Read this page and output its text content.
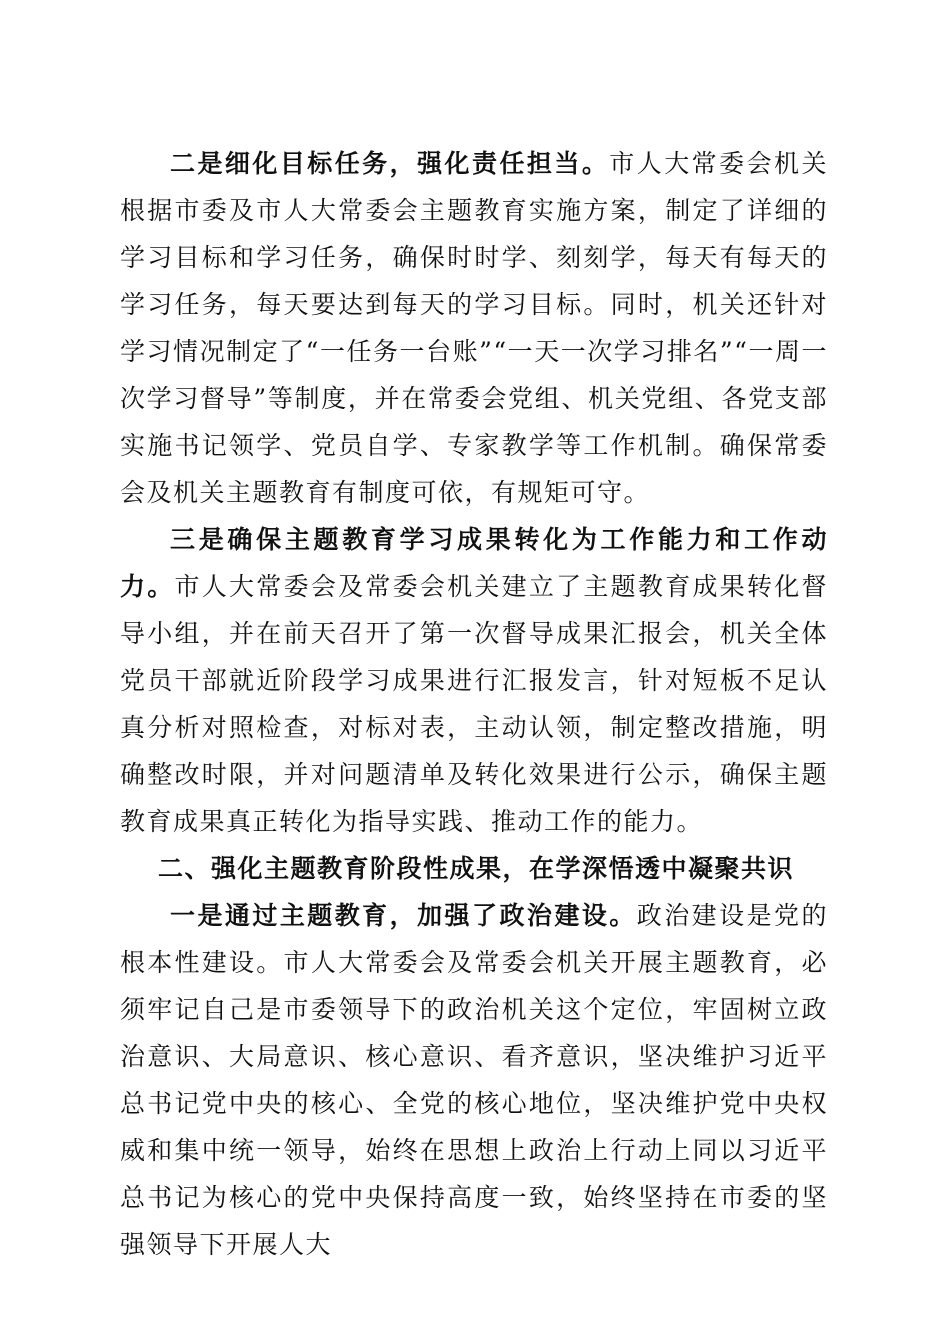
二是细化目标任务，强化责任担当。市人大常委会机关根据市委及市人大常委会主题教育实施方案，制定了详细的学习目标和学习任务，确保时时学、刻刻学，每天有每天的学习任务，每天要达到每天的学习目标。同时，机关还针对学习情况制定了“一任务一台账”“一天一次学习排名”“一周一次学习督导”等制度，并在常委会党组、机关党组、各党支部实施书记领学、党员自学、专家教学等工作机制。确保常委会及机关主题教育有制度可依，有规矩可守。

三是确保主题教育学习成果转化为工作能力和工作动力。市人大常委会及常委会机关建立了主题教育成果转化督导小组，并在前天召开了第一次督导成果汇报会，机关全体党员干部就近阶段学习成果进行汇报发言，针对短板不足认真分析对照检查，对标对表，主动认领，制定整改措施，明确整改时限，并对问题清单及转化效果进行公示，确保主题教育成果真正转化为指导实践、推动工作的能力。

二、强化主题教育阶段性成果，在学深悟透中凝聚共识

一是通过主题教育，加强了政治建设。政治建设是党的根本性建设。市人大常委会及常委会机关开展主题教育，必须牢记自己是市委领导下的政治机关这个定位，牢固树立政治意识、大局意识、核心意识、看齐意识，坚决维护习近平总书记党中央的核心、全党的核心地位，坚决维护党中央权威和集中统一领导，始终在思想上政治上行动上同以习近平总书记为核心的党中央保持高度一致，始终坚持在市委的坚强领导下开展人大
